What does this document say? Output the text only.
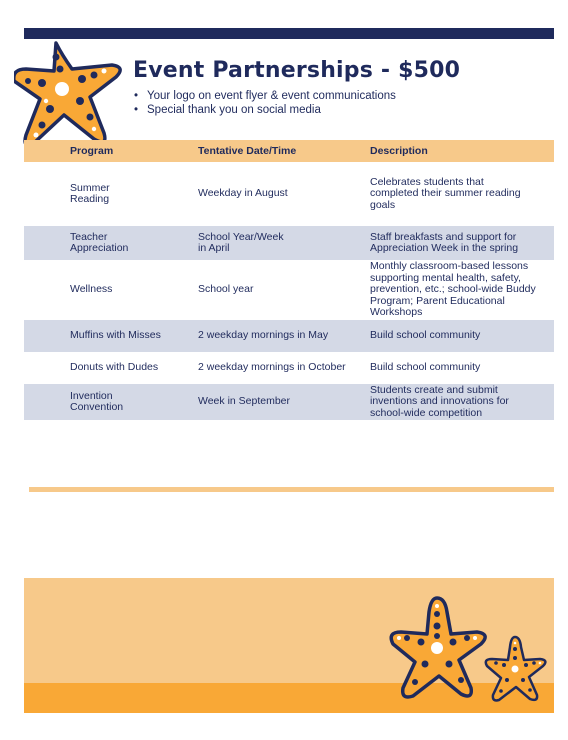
Event Partnerships - $500
• Your logo on event flyer & event communications
• Special thank you on social media
Program	Tentative Date/Time	Description
Summer
Reading	Weekday in August	Celebrates students that
completed their summer reading
goals
Teacher
Appreciation	School Year/Week
in April	Staff breakfasts and support for
Appreciation Week in the spring
Wellness	School year	Monthly classroom-based lessons
supporting mental health, safety,
prevention, etc.; school-wide Buddy
Program; Parent Educational
Workshops
Muffins with Misses	2 weekday mornings in May	Build school community
Donuts with Dudes	2 weekday mornings in October	Build school community
Invention
Convention	Week in September	Students create and submit
inventions and innovations for
school-wide competition
